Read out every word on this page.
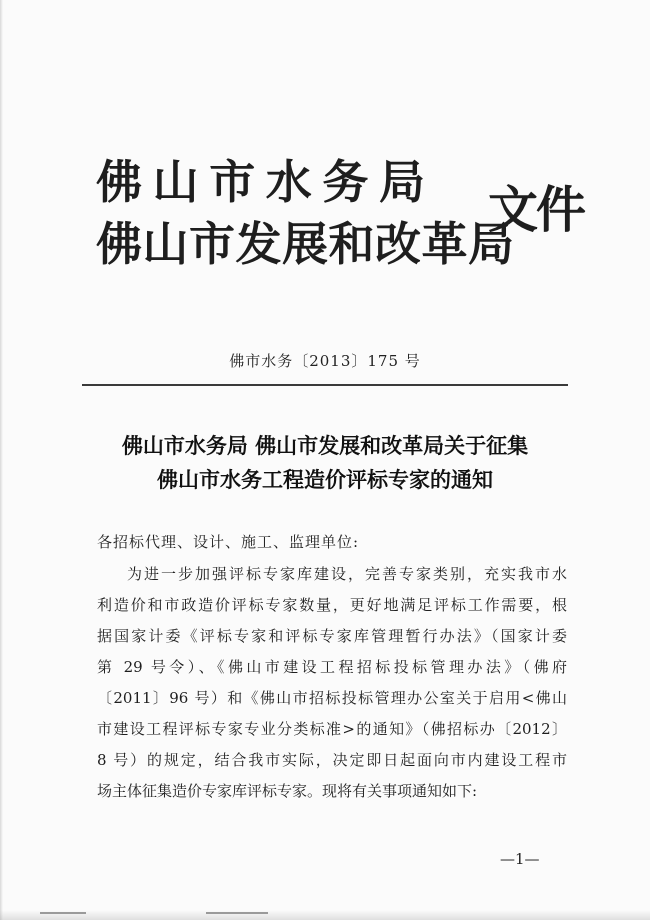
佛山市水务局
佛山市发展和改革局
文件
佛市水务〔2013〕175 号
佛山市水务局 佛山市发展和改革局关于征集
佛山市水务工程造价评标专家的通知
各招标代理、设计、施工、监理单位:
为进一步加强评标专家库建设，完善专家类别，充实我市水
利造价和市政造价评标专家数量，更好地满足评标工作需要，根
据国家计委《评标专家和评标专家库管理暂行办法》（国家计委
第 29 号令）、《佛山市建设工程招标投标管理办法》（佛府
〔2011〕96 号）和《佛山市招标投标管理办公室关于启用<佛山
市建设工程评标专家专业分类标准>的通知》（佛招标办〔2012〕
8 号）的规定，结合我市实际，决定即日起面向市内建设工程市
场主体征集造价专家库评标专家。现将有关事项通知如下:
—1—
